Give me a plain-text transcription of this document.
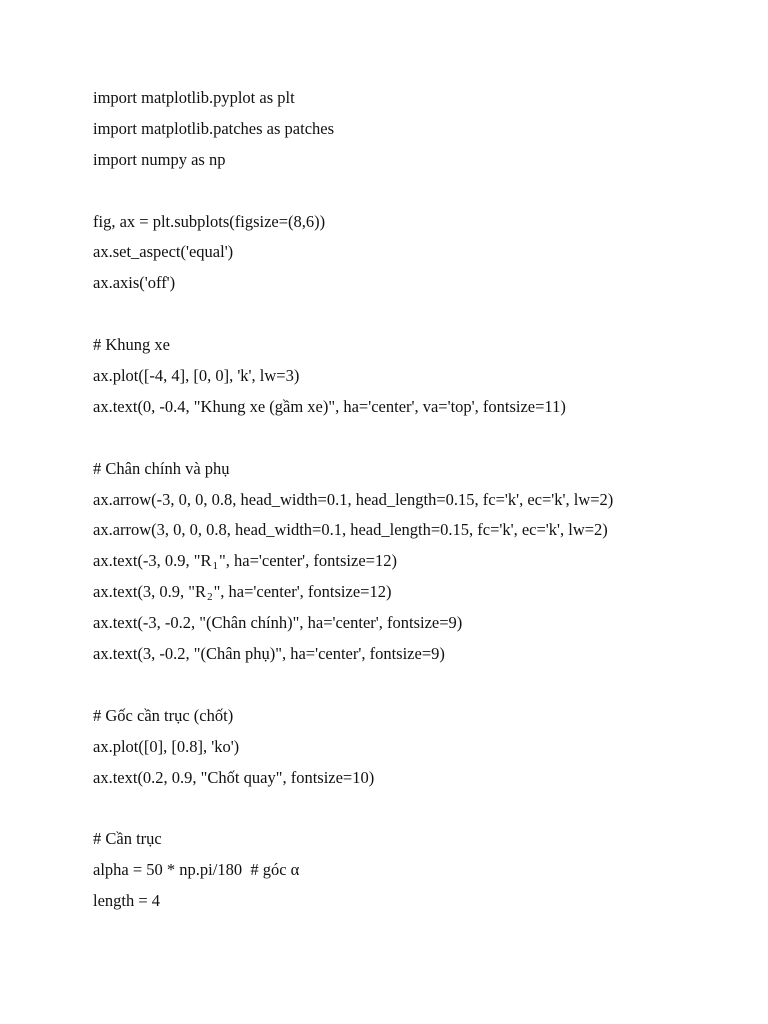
import matplotlib.pyplot as plt
import matplotlib.patches as patches
import numpy as np
fig, ax = plt.subplots(figsize=(8,6))
ax.set_aspect('equal')
ax.axis('off')
# Khung xe
ax.plot([-4, 4], [0, 0], 'k', lw=3)
ax.text(0, -0.4, "Khung xe (gầm xe)", ha='center', va='top', fontsize=11)
# Chân chính và phụ
ax.arrow(-3, 0, 0, 0.8, head_width=0.1, head_length=0.15, fc='k', ec='k', lw=2)
ax.arrow(3, 0, 0, 0.8, head_width=0.1, head_length=0.15, fc='k', ec='k', lw=2)
ax.text(-3, 0.9, "$R_1$", ha='center', fontsize=12)
ax.text(3, 0.9, "$R_2$", ha='center', fontsize=12)
ax.text(-3, -0.2, "(Chân chính)", ha='center', fontsize=9)
ax.text(3, -0.2, "(Chân phụ)", ha='center', fontsize=9)
# Gốc cần trục (chốt)
ax.plot([0], [0.8], 'ko')
ax.text(0.2, 0.9, "Chốt quay", fontsize=10)
# Cần trục
alpha = 50 * np.pi/180  # góc α
length = 4
